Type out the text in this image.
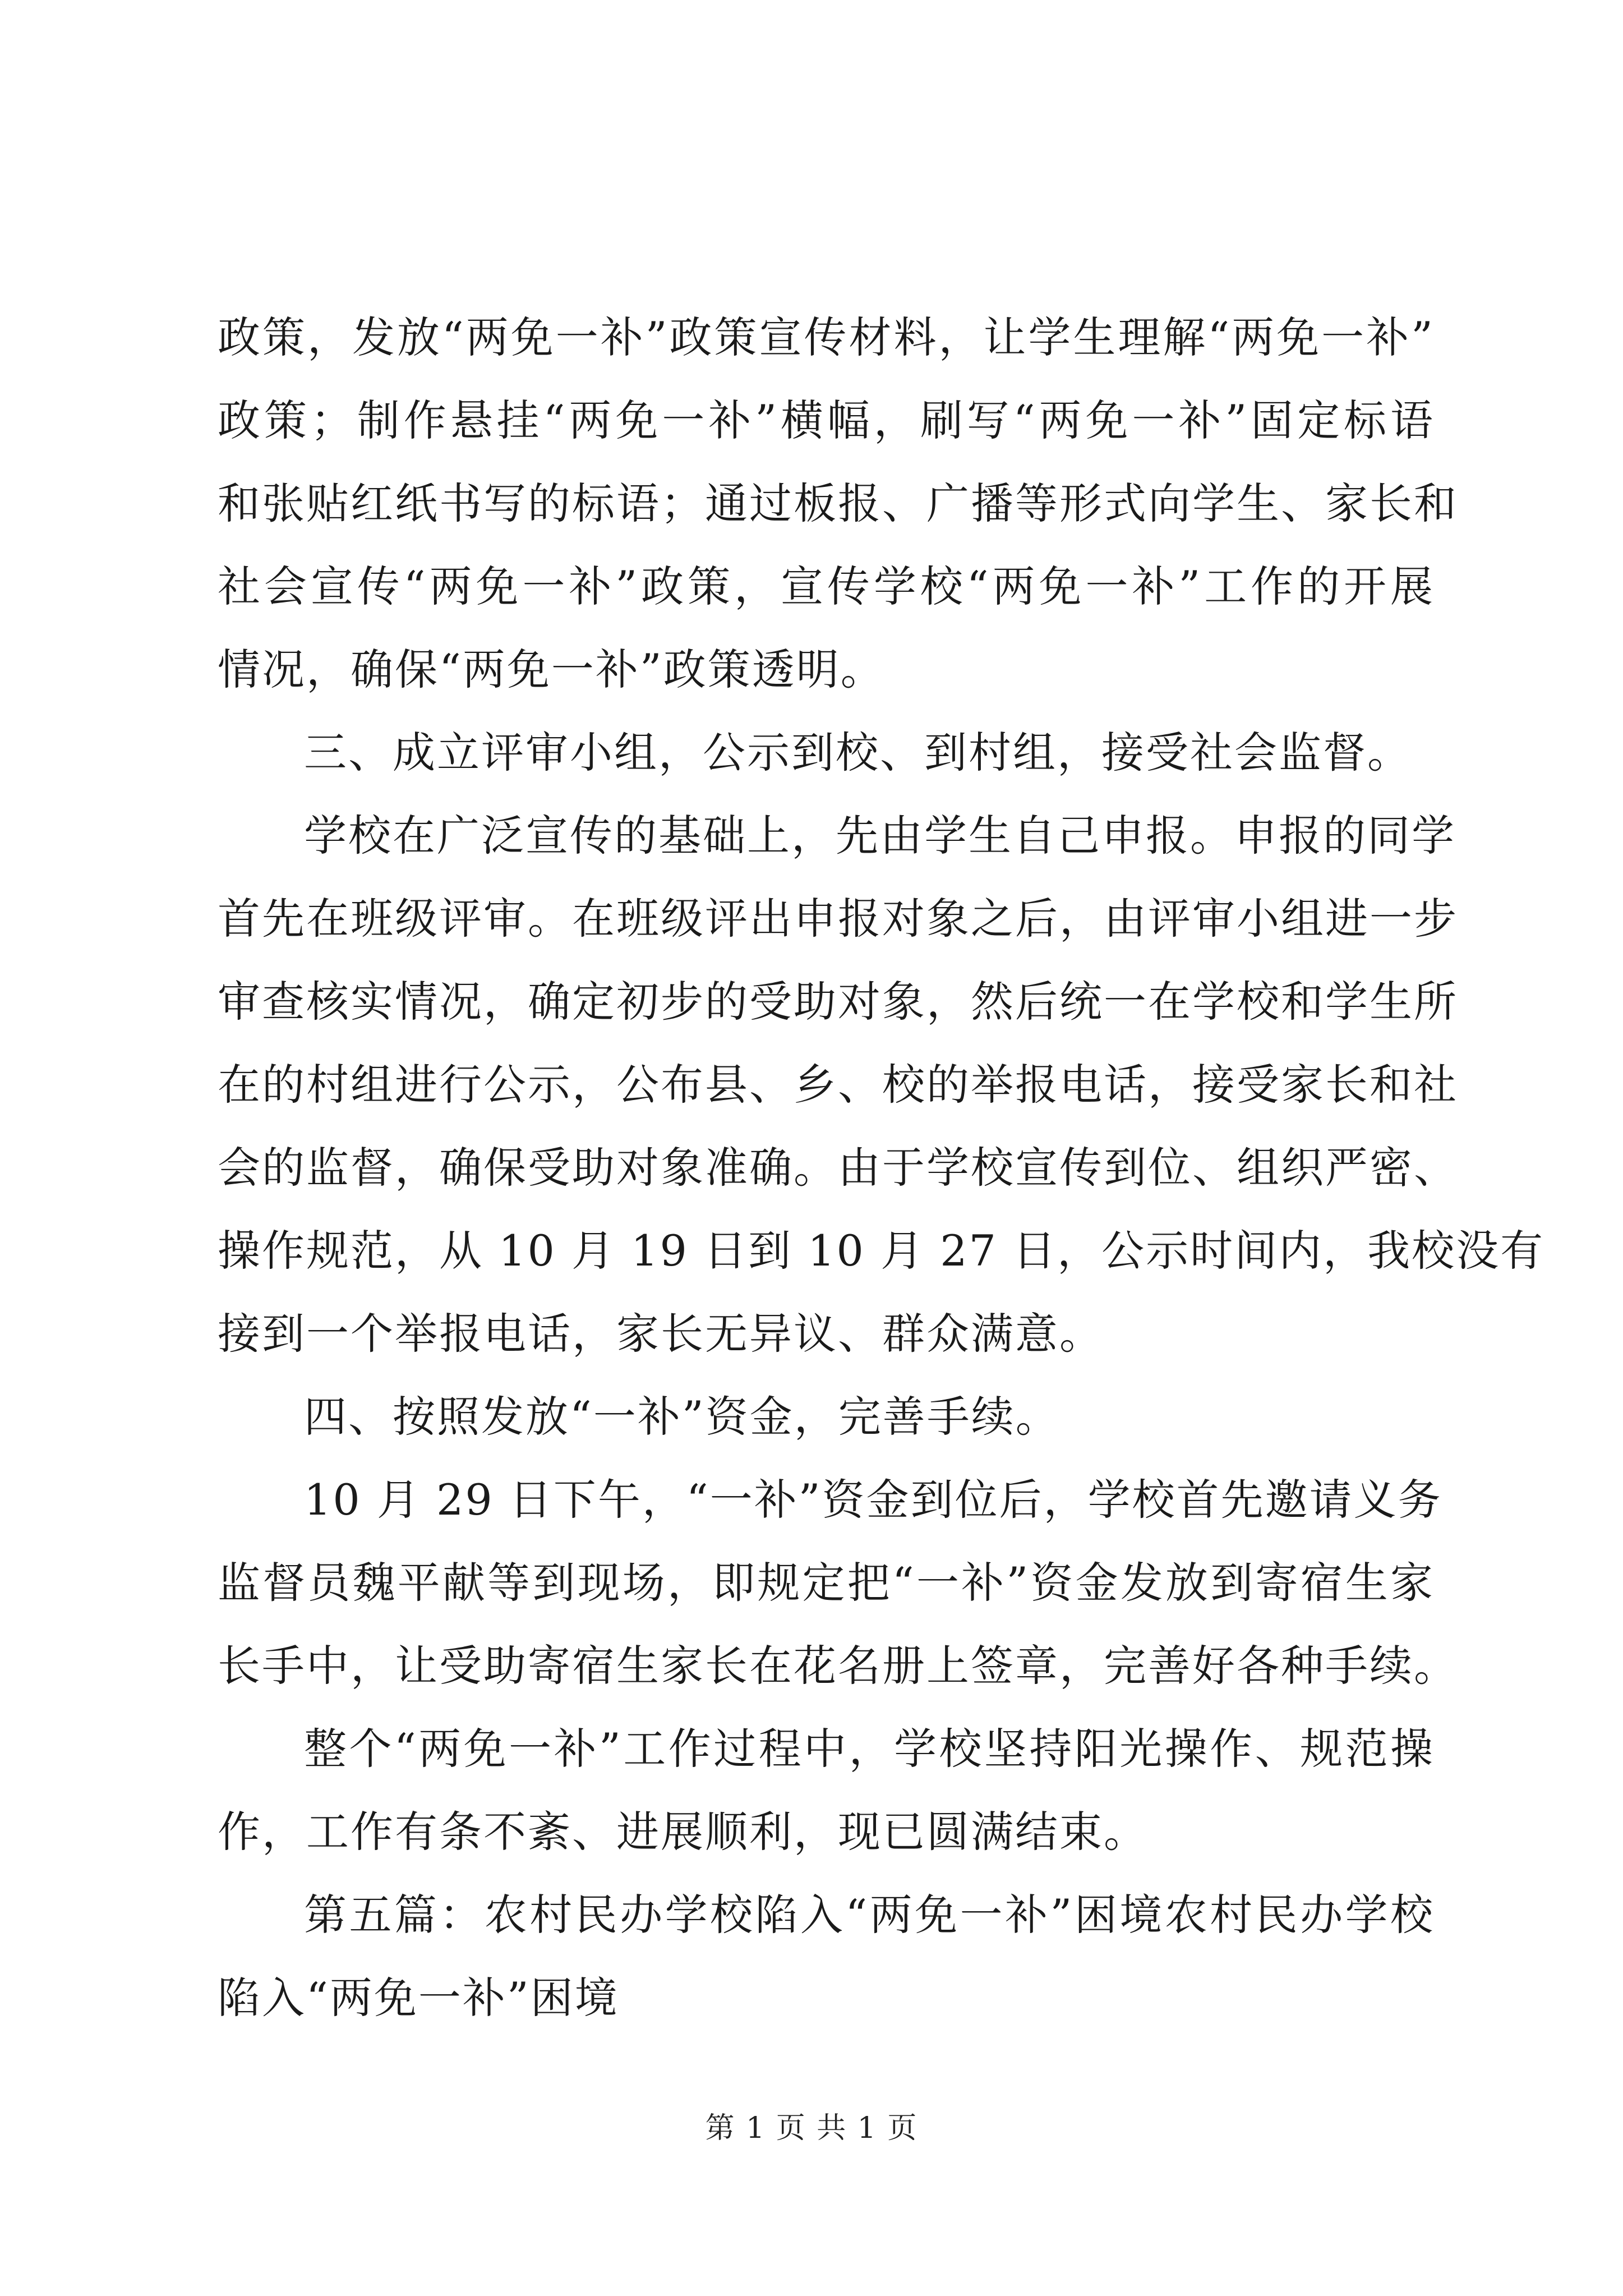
政策，发放“两免一补”政策宣传材料，让学生理解“两免一补”
政策；制作悬挂“两免一补”横幅，刷写“两免一补”固定标语
和张贴红纸书写的标语；通过板报、广播等形式向学生、家长和
社会宣传“两免一补”政策，宣传学校“两免一补”工作的开展
情况，确保“两免一补”政策透明。
三、成立评审小组，公示到校、到村组，接受社会监督。
学校在广泛宣传的基础上，先由学生自己申报。申报的同学
首先在班级评审。在班级评出申报对象之后，由评审小组进一步
审查核实情况，确定初步的受助对象，然后统一在学校和学生所
在的村组进行公示，公布县、乡、校的举报电话，接受家长和社
会的监督，确保受助对象准确。由于学校宣传到位、组织严密、
操作规范，从 10 月 19 日到 10 月 27 日，公示时间内，我校没有
接到一个举报电话，家长无异议、群众满意。
四、按照发放“一补”资金，完善手续。
10 月 29 日下午，“一补”资金到位后，学校首先邀请义务
监督员魏平献等到现场，即规定把“一补”资金发放到寄宿生家
长手中，让受助寄宿生家长在花名册上签章，完善好各种手续。
整个“两免一补”工作过程中，学校坚持阳光操作、规范操
作，工作有条不紊、进展顺利，现已圆满结束。
第五篇：农村民办学校陷入“两免一补”困境农村民办学校
陷入“两免一补”困境
第 1 页 共 1 页
